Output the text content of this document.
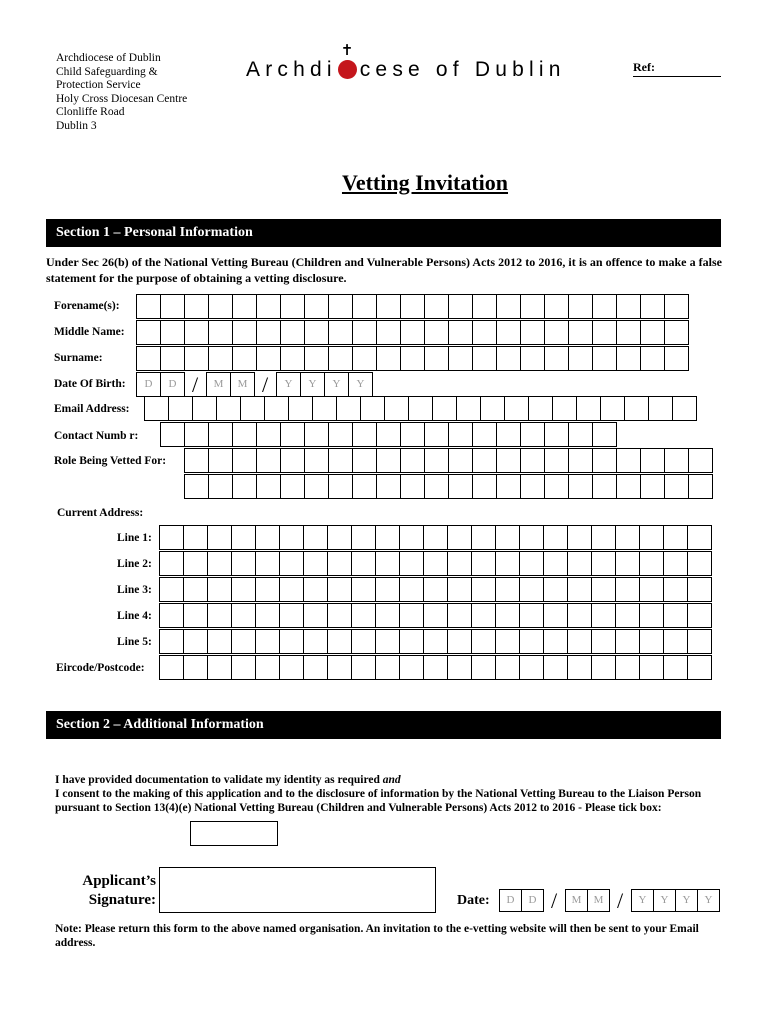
Archdiocese of Dublin
Child Safeguarding &
Protection Service
Holy Cross Diocesan Centre
Clonliffe Road
Dublin 3
Archdi
✝
cese of Dublin	Ref:
Vetting Invitation
Section 1 – Personal Information
Under Sec 26(b) of the National Vetting Bureau (Children and Vulnerable Persons) Acts 2012 to 2016, it is an offence to make a false statement for the purpose of obtaining a vetting disclosure.
Forename(s):
Middle Name:
Surname:
Date Of Birth:	D	D /	M	M /	Y	Y	Y	Y
Email Address:
Contact Numb r:
Role Being Vetted For:
Current Address:
Line 1:
Line 2:
Line 3:
Line 4:
Line 5:
Eircode/Postcode:
Section 2 – Additional Information
I have provided documentation to validate my identity as required and
I consent to the making of this application and to the disclosure of information by the National Vetting Bureau to the Liaison Person pursuant to Section 13(4)(e) National Vetting Bureau (Children and Vulnerable Persons) Acts 2012 to 2016 - Please tick box:
Applicant’s
Signature:	Date:	D	D /	M	M /	Y	Y	Y	Y
Note: Please return this form to the above named organisation. An invitation to the e-vetting website will then be sent to your Email address.
